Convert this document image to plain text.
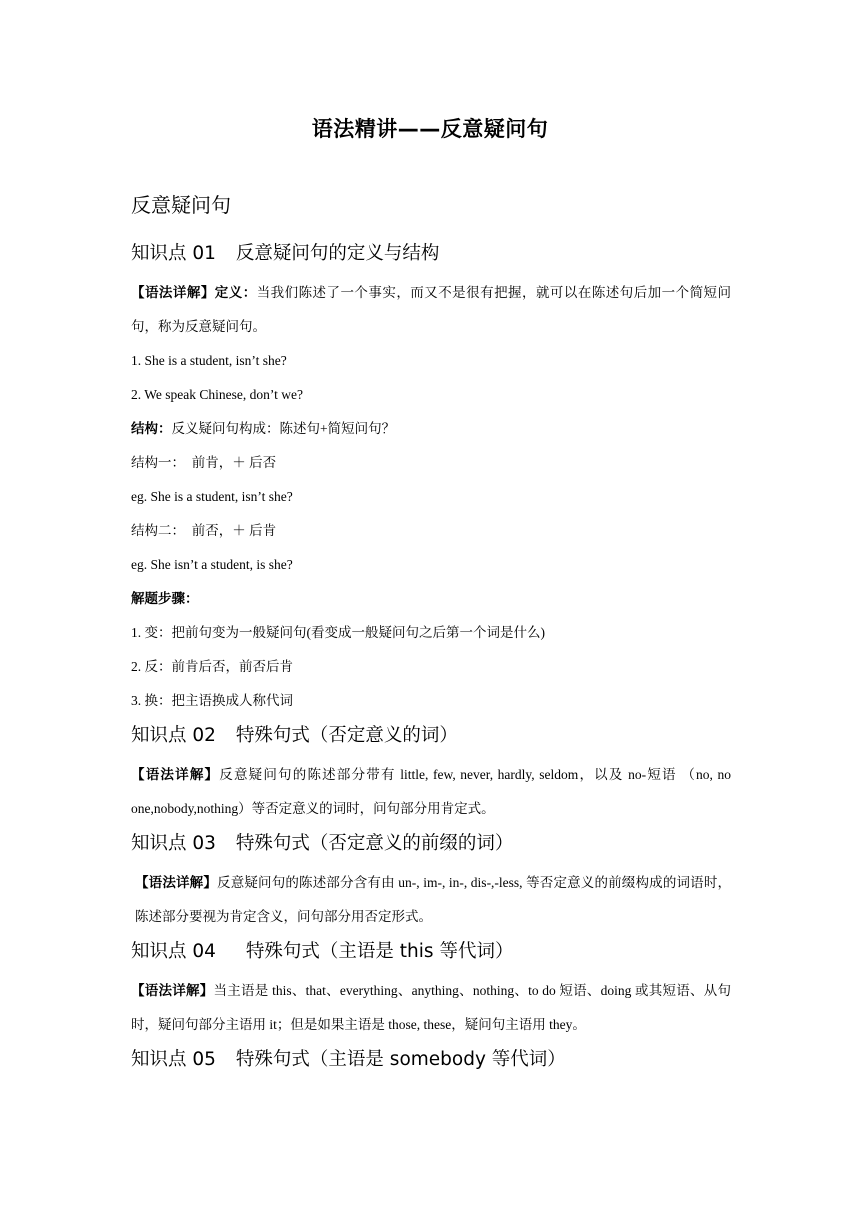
语法精讲——反意疑问句
反意疑问句
知识点 01 反意疑问句的定义与结构

【语法详解】定义：当我们陈述了一个事实，而又不是很有把握，就可以在陈述句后加一个简短问句，称为反意疑问句。

1. She is a student, isn’t she?

2. We speak Chinese, don’t we?

结构：反义疑问句构成：陈述句+简短问句？

结构一：　前肯，＋ 后否

eg. She is a student, isn’t she?

结构二：　前否，＋ 后肯

eg. She isn’t a student, is she?

解题步骤：

1. 变：把前句变为一般疑问句(看变成一般疑问句之后第一个词是什么)

2. 反：前肯后否，前否后肯

3. 换：把主语换成人称代词

知识点 02 特殊句式（否定意义的词）

【语法详解】反意疑问句的陈述部分带有 little, few, never, hardly, seldom，以及 no-短语 （no, no one,nobody,nothing）等否定意义的词时，问句部分用肯定式。

知识点 03 特殊句式（否定意义的前缀的词）

【语法详解】反意疑问句的陈述部分含有由 un-, im-, in-, dis-,-less, 等否定意义的前缀构成的词语时，陈述部分要视为肯定含义，问句部分用否定形式。

知识点 04 特殊句式（主语是 this 等代词）

【语法详解】当主语是 this、that、everything、anything、nothing、to do 短语、doing 或其短语、从句时，疑问句部分主语用 it；但是如果主语是 those, these，疑问句主语用 they。

知识点 05 特殊句式（主语是 somebody 等代词）
